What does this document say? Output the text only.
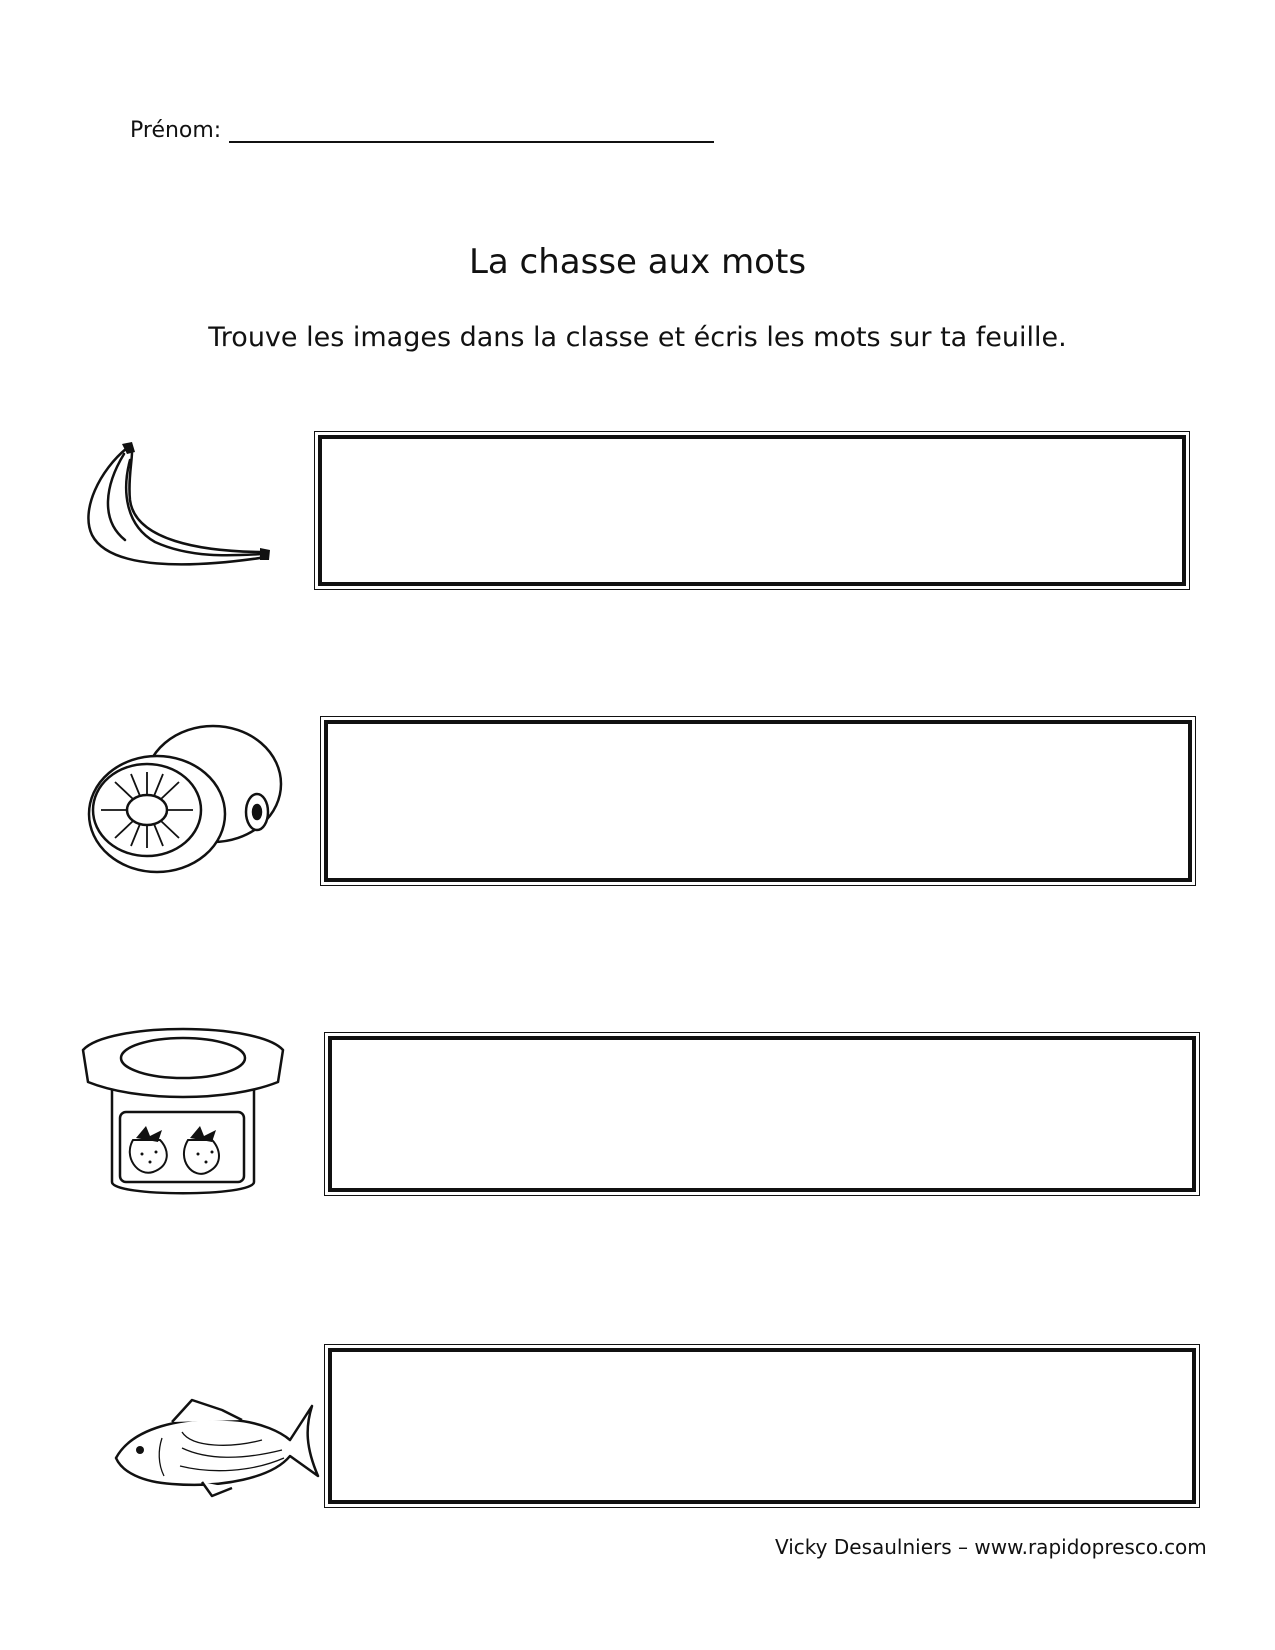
Prénom:
La chasse aux mots

Trouve les images dans la classe et écris les mots sur ta feuille.

Vicky Desaulniers – www.rapidopresco.com
